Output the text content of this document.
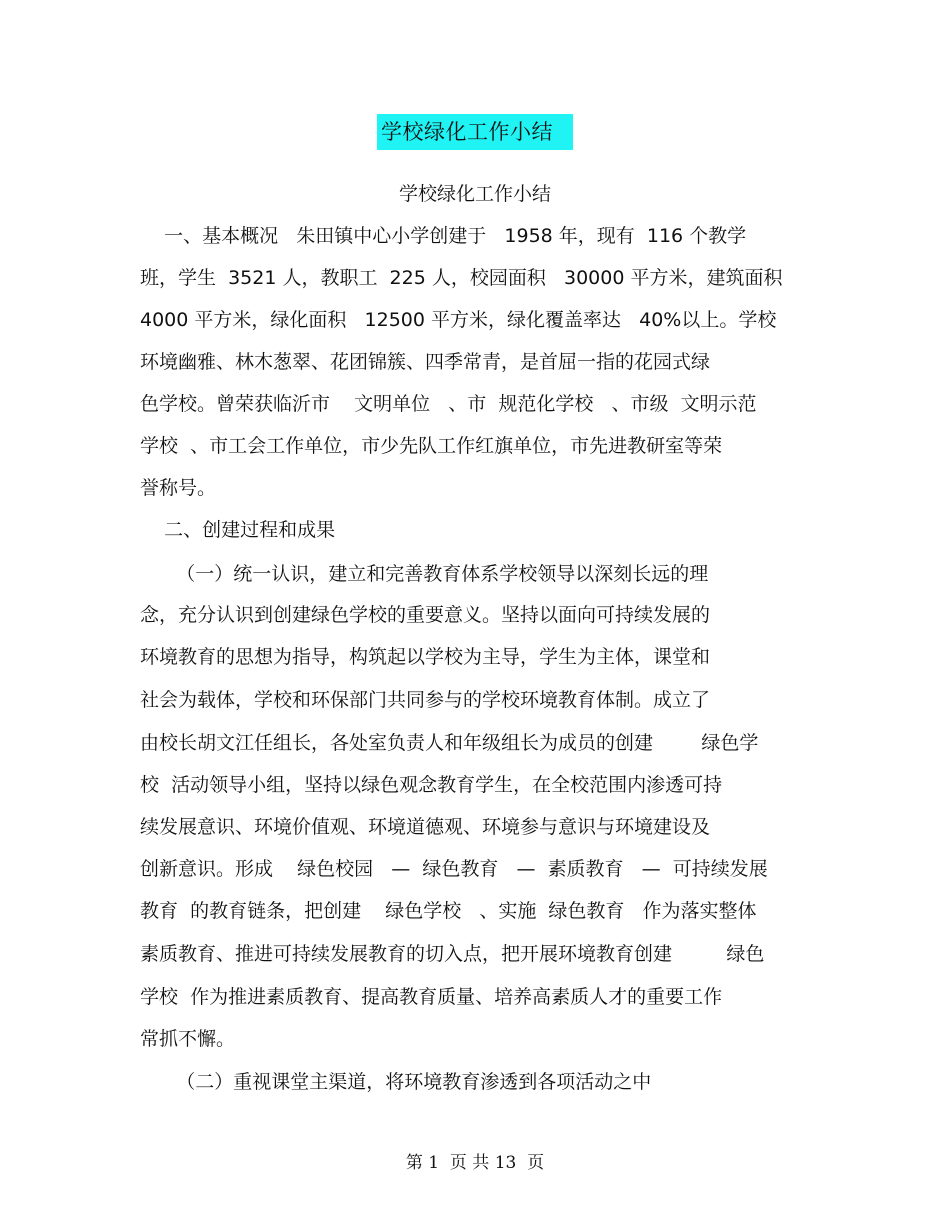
学校绿化工作小结
学校绿化工作小结
一、基本概况   朱田镇中心小学创建于   1958 年，现有  116 个教学
班，学生  3521 人，教职工  225 人，校园面积   30000 平方米，建筑面积
4000 平方米，绿化面积   12500 平方米，绿化覆盖率达   40%以上。学校
环境幽雅、林木葱翠、花团锦簇、四季常青，是首屈一指的花园式绿
色学校。曾荣获临沂市    文明单位   、市  规范化学校   、市级  文明示范
学校  、市工会工作单位，市少先队工作红旗单位，市先进教研室等荣
誉称号。
二、创建过程和成果
（一）统一认识，建立和完善教育体系学校领导以深刻长远的理
念，充分认识到创建绿色学校的重要意义。坚持以面向可持续发展的
环境教育的思想为指导，构筑起以学校为主导，学生为主体，课堂和
社会为载体，学校和环保部门共同参与的学校环境教育体制。成立了
由校长胡文江任组长，各处室负责人和年级组长为成员的创建        绿色学
校  活动领导小组，坚持以绿色观念教育学生，在全校范围内渗透可持
续发展意识、环境价值观、环境道德观、环境参与意识与环境建设及
创新意识。形成    绿色校园   —  绿色教育   —  素质教育   —  可持续发展
教育  的教育链条，把创建    绿色学校   、实施  绿色教育   作为落实整体
素质教育、推进可持续发展教育的切入点，把开展环境教育创建         绿色
学校  作为推进素质教育、提高教育质量、培养高素质人才的重要工作
常抓不懈。
（二）重视课堂主渠道，将环境教育渗透到各项活动之中
第 1  页 共 13  页
